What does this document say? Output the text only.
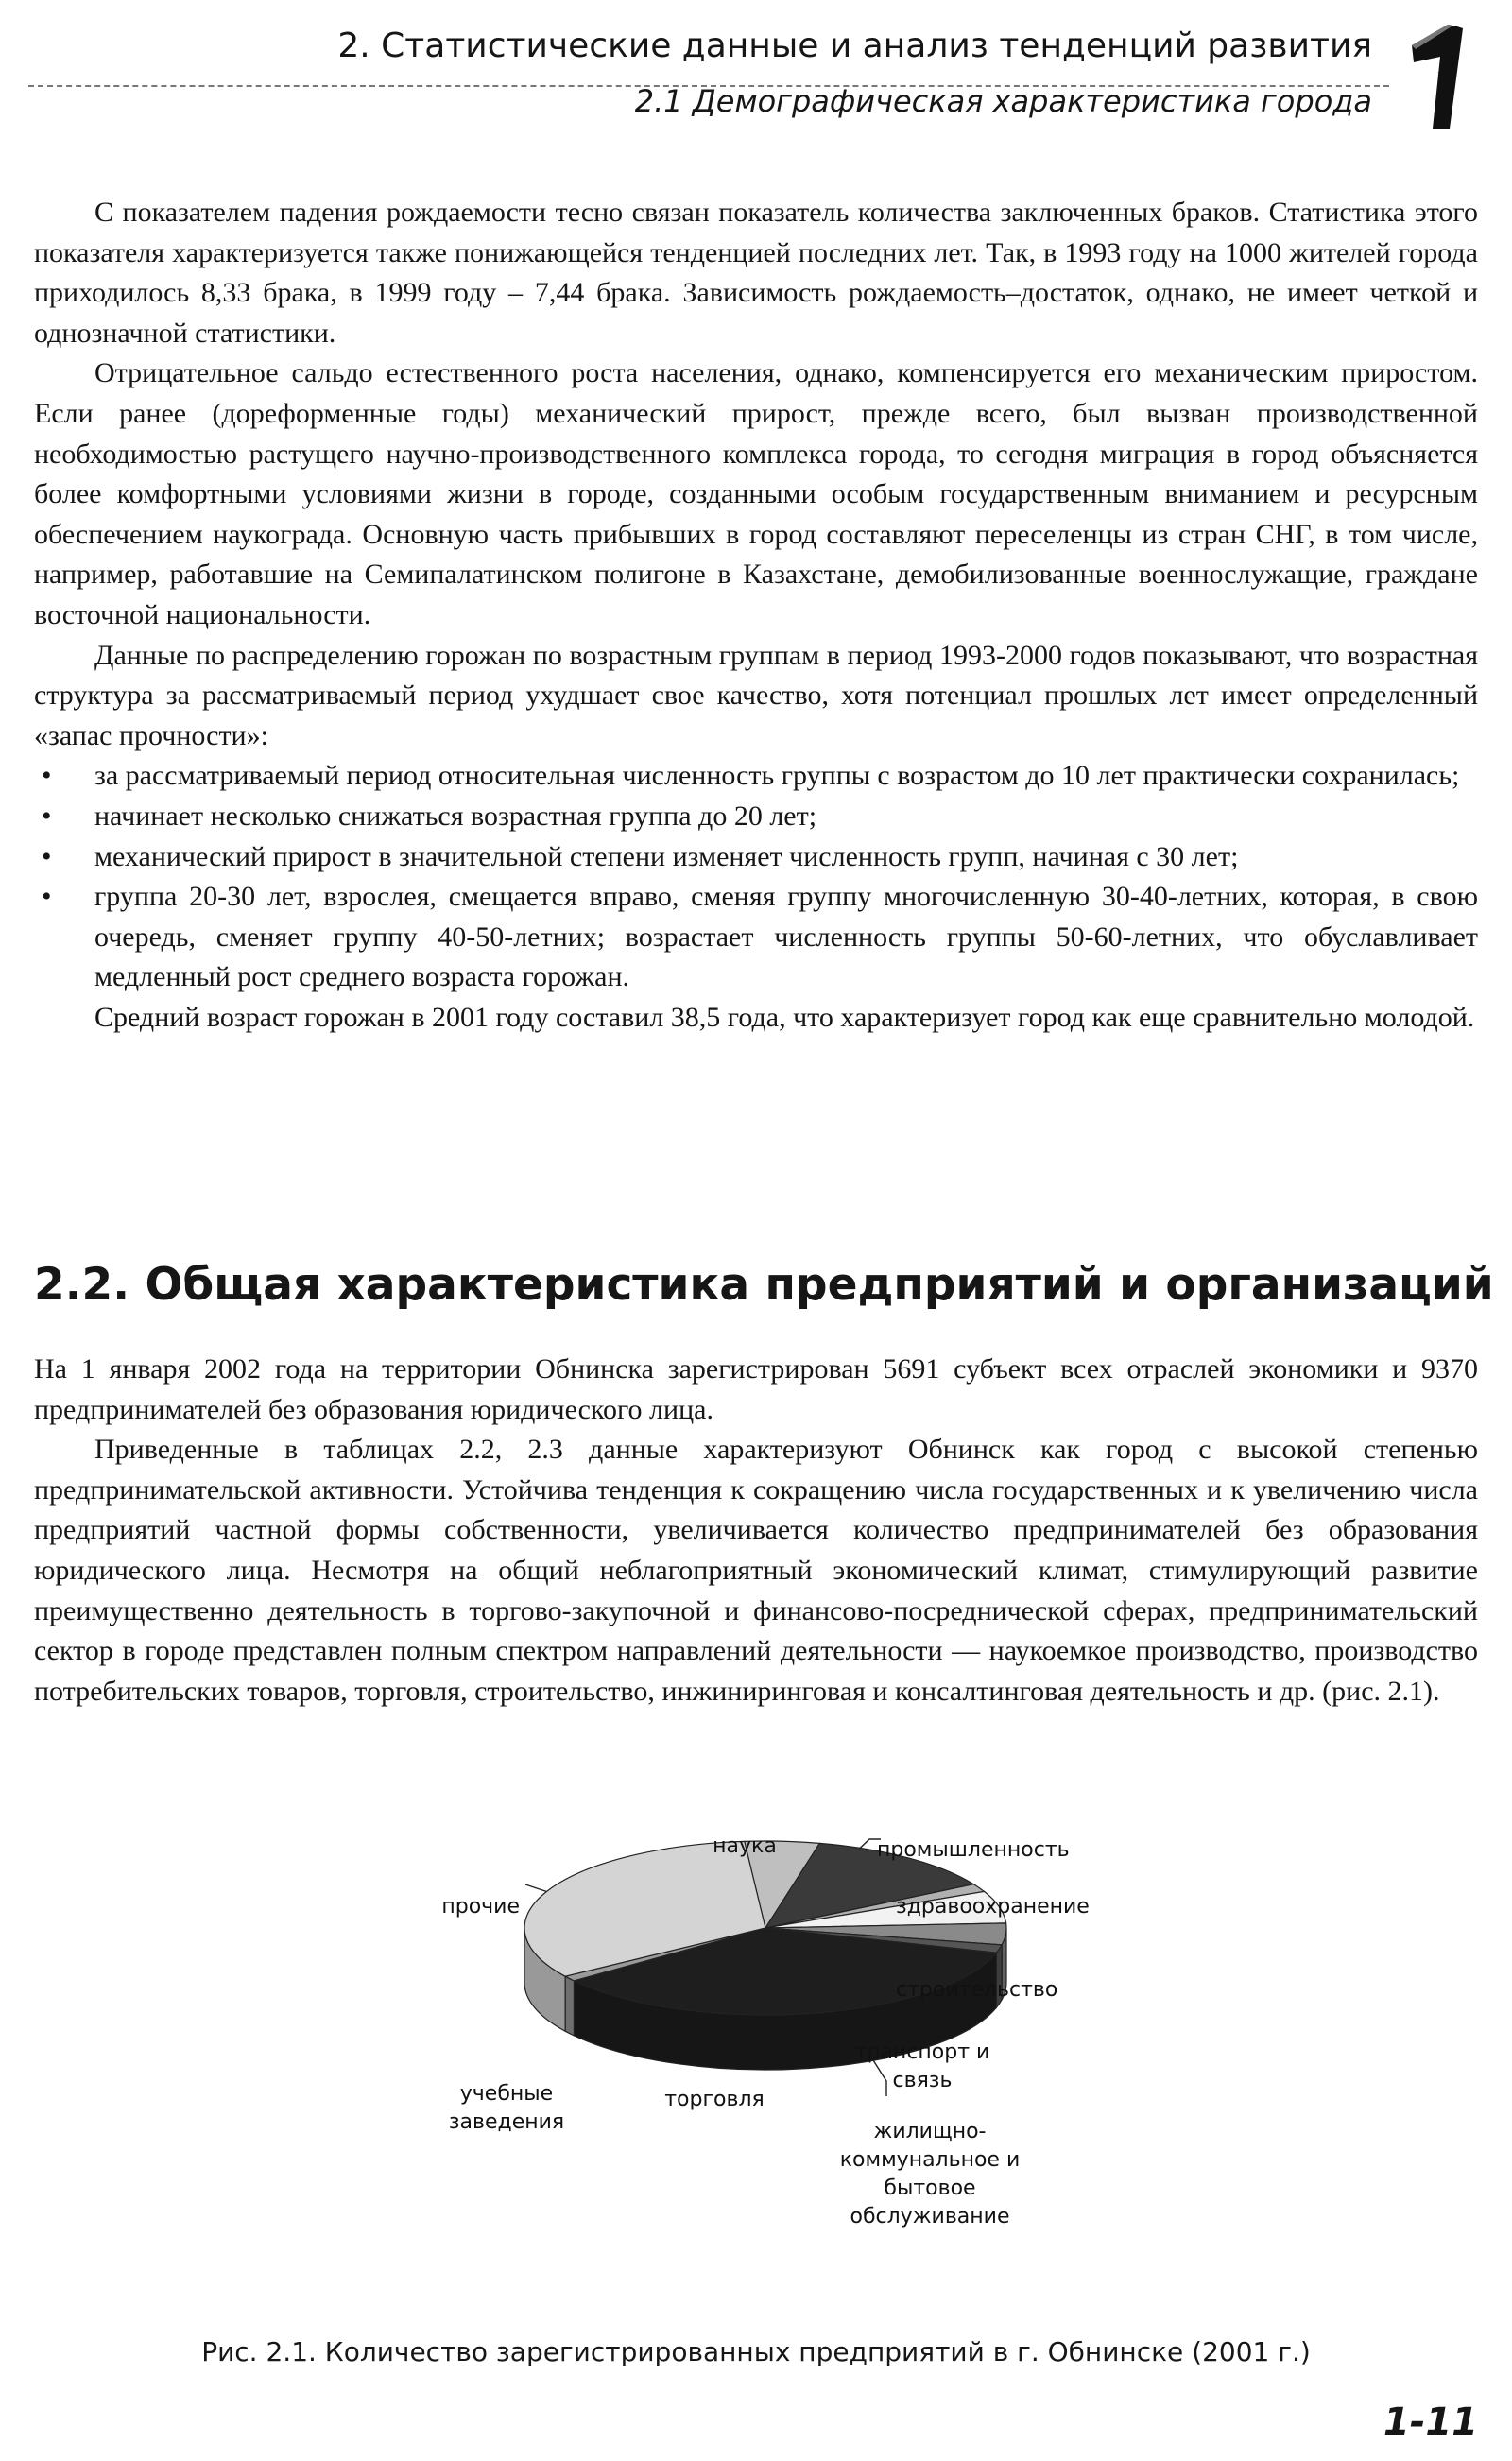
2. Статистические данные и анализ тенденций развития
2.1 Демографическая характеристика города
1

С показателем падения рождаемости тесно связан показатель количества заключенных браков. Статистика этого показателя характеризуется также понижающейся тенденцией последних лет. Так, в 1993 году на 1000 жителей города приходилось 8,33 брака, в 1999 году – 7,44 брака. Зависимость рождаемость–достаток, однако, не имеет четкой и однозначной статистики.

Отрицательное сальдо естественного роста населения, однако, компенсируется его механическим приростом. Если ранее (дореформенные годы) механический прирост, прежде всего, был вызван производственной необходимостью растущего научно-производственного комплекса города, то сегодня миграция в город объясняется более комфортными условиями жизни в городе, созданными особым государственным вниманием и ресурсным обеспечением наукограда. Основную часть прибывших в город составляют переселенцы из стран СНГ, в том числе, например, работавшие на Семипалатинском полигоне в Казахстане, демобилизованные военнослужащие, граждане восточной национальности.

Данные по распределению горожан по возрастным группам в период 1993-2000 годов показывают, что возрастная структура за рассматриваемый период ухудшает свое качество, хотя потенциал прошлых лет имеет определенный «запас прочности»:

• за рассматриваемый период относительная численность группы с возрастом до 10 лет практически сохранилась;
• начинает несколько снижаться возрастная группа до 20 лет;
• механический прирост в значительной степени изменяет численность групп, начиная с 30 лет;
• группа 20-30 лет, взрослея, смещается вправо, сменяя группу многочисленную 30-40-летних, которая, в свою очередь, сменяет группу 40-50-летних; возрастает численность группы 50-60-летних, что обуславливает медленный рост среднего возраста горожан.

Средний возраст горожан в 2001 году составил 38,5 года, что характеризует город как еще сравнительно молодой.

2.2. Общая характеристика предприятий и организаций

На 1 января 2002 года на территории Обнинска зарегистрирован 5691 субъект всех отраслей экономики и 9370 предпринимателей без образования юридического лица.

Приведенные в таблицах 2.2, 2.3 данные характеризуют Обнинск как город с высокой степенью предпринимательской активности. Устойчива тенденция к сокращению числа государственных и к увеличению числа предприятий частной формы собственности, увеличивается количество предпринимателей без образования юридического лица. Несмотря на общий неблагоприятный экономический климат, стимулирующий развитие преимущественно деятельность в торгово-закупочной и финансово-посреднической сферах, предпринимательский сектор в городе представлен полным спектром направлений деятельности — наукоемкое производство, производство потребительских товаров, торговля, строительство, инжиниринговая и консалтинговая деятельность и др. (рис. 2.1).

наука	промышленность
здравоохранение
строительство
транспорт и связь
жилищно-коммунальное и бытовое обслуживание
торговля
учебные заведения
прочие
Рис. 2.1. Количество зарегистрированных предприятий в г. Обнинске (2001 г.)
1-11
